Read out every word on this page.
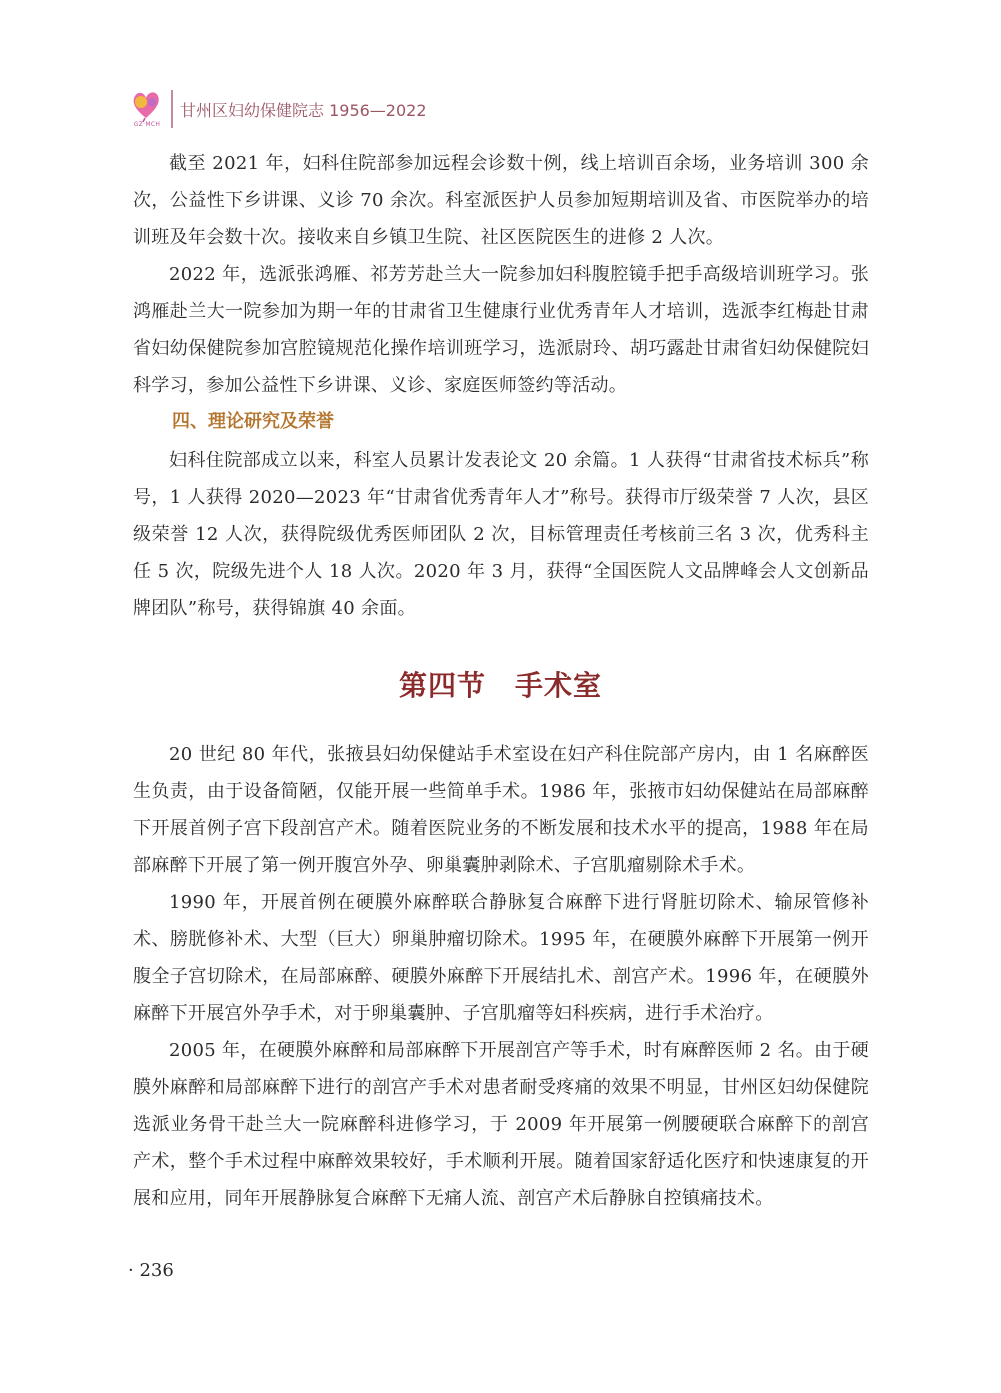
GZ·MCH
甘州区妇幼保健院志 1956—2022

截至 2021 年，妇科住院部参加远程会诊数十例，线上培训百余场，业务培训 300 余次，公益性下乡讲课、义诊 70 余次。科室派医护人员参加短期培训及省、市医院举办的培训班及年会数十次。接收来自乡镇卫生院、社区医院医生的进修 2 人次。

2022 年，选派张鸿雁、祁芳芳赴兰大一院参加妇科腹腔镜手把手高级培训班学习。张鸿雁赴兰大一院参加为期一年的甘肃省卫生健康行业优秀青年人才培训，选派李红梅赴甘肃省妇幼保健院参加宫腔镜规范化操作培训班学习，选派尉玲、胡巧露赴甘肃省妇幼保健院妇科学习，参加公益性下乡讲课、义诊、家庭医师签约等活动。

四、理论研究及荣誉

妇科住院部成立以来，科室人员累计发表论文 20 余篇。1 人获得“甘肃省技术标兵”称号，1 人获得 2020—2023 年“甘肃省优秀青年人才”称号。获得市厅级荣誉 7 人次，县区级荣誉 12 人次，获得院级优秀医师团队 2 次，目标管理责任考核前三名 3 次，优秀科主任 5 次，院级先进个人 18 人次。2020 年 3 月，获得“全国医院人文品牌峰会人文创新品牌团队”称号，获得锦旗 40 余面。

第四节　手术室

20 世纪 80 年代，张掖县妇幼保健站手术室设在妇产科住院部产房内，由 1 名麻醉医生负责，由于设备简陋，仅能开展一些简单手术。1986 年，张掖市妇幼保健站在局部麻醉下开展首例子宫下段剖宫产术。随着医院业务的不断发展和技术水平的提高，1988 年在局部麻醉下开展了第一例开腹宫外孕、卵巢囊肿剥除术、子宫肌瘤剔除术手术。

1990 年，开展首例在硬膜外麻醉联合静脉复合麻醉下进行肾脏切除术、输尿管修补术、膀胱修补术、大型（巨大）卵巢肿瘤切除术。1995 年，在硬膜外麻醉下开展第一例开腹全子宫切除术，在局部麻醉、硬膜外麻醉下开展结扎术、剖宫产术。1996 年，在硬膜外麻醉下开展宫外孕手术，对于卵巢囊肿、子宫肌瘤等妇科疾病，进行手术治疗。

2005 年，在硬膜外麻醉和局部麻醉下开展剖宫产等手术，时有麻醉医师 2 名。由于硬膜外麻醉和局部麻醉下进行的剖宫产手术对患者耐受疼痛的效果不明显，甘州区妇幼保健院选派业务骨干赴兰大一院麻醉科进修学习，于 2009 年开展第一例腰硬联合麻醉下的剖宫产术，整个手术过程中麻醉效果较好，手术顺利开展。随着国家舒适化医疗和快速康复的开展和应用，同年开展静脉复合麻醉下无痛人流、剖宫产术后静脉自控镇痛技术。

· 236
